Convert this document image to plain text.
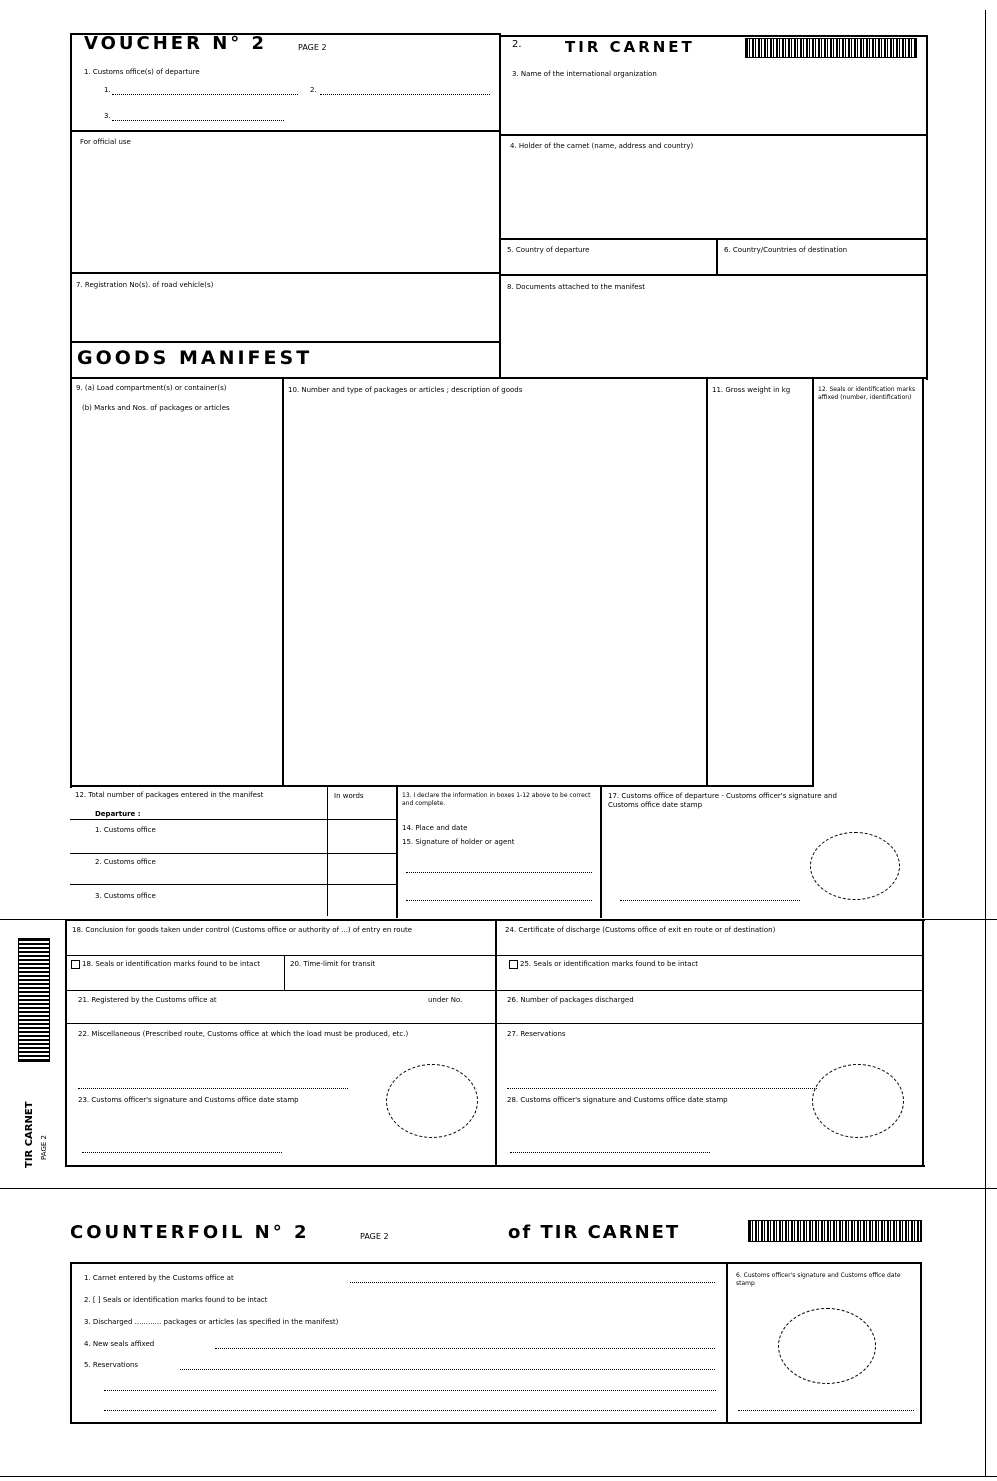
VOUCHER N° 2	PAGE 2
1. Customs office(s) of departure
1.	2.
3.
2.	TIR CARNET
3. Name of the international organization
For official use	4. Holder of the carnet (name, address and country)
5. Country of departure	6. Country/Countries of destination
7. Registration No(s). of road vehicle(s)	8. Documents attached to the manifest
GOODS MANIFEST
9. (a) Load compartment(s) or container(s)
(b) Marks and Nos. of packages or articles
10. Number and type of packages or articles ; description of goods	11. Gross weight in kg	12. Seals or identification marks affixed (number, identification)
12. Total number of packages entered in the manifest	In words
Departure :
1. Customs office
2. Customs office
3. Customs office
13. I declare the information in boxes 1-12 above to be correct and complete.
14. Place and date
15. Signature of holder or agent
17. Customs office of departure - Customs officer's signature and Customs office date stamp
TIR CARNET PAGE 2
18. Conclusion for goods taken under control (Customs office or authority of ...) of entry en route
18. Seals or identification marks found to be intact	20. Time-limit for transit
21. Registered by the Customs office at	under No.
22. Miscellaneous (Prescribed route, Customs office at which the load must be produced, etc.)
23. Customs officer's signature and Customs office date stamp
24. Certificate of discharge (Customs office of exit en route or of destination)
25. Seals or identification marks found to be intact
26. Number of packages discharged
27. Reservations
28. Customs officer's signature and Customs office date stamp
COUNTERFOIL N° 2	PAGE 2	of TIR CARNET
1. Carnet entered by the Customs office at
2. [ ] Seals or identification marks found to be intact
3. Discharged ............ packages or articles (as specified in the manifest)
4. New seals affixed
5. Reservations
6. Customs officer's signature and Customs office date stamp
